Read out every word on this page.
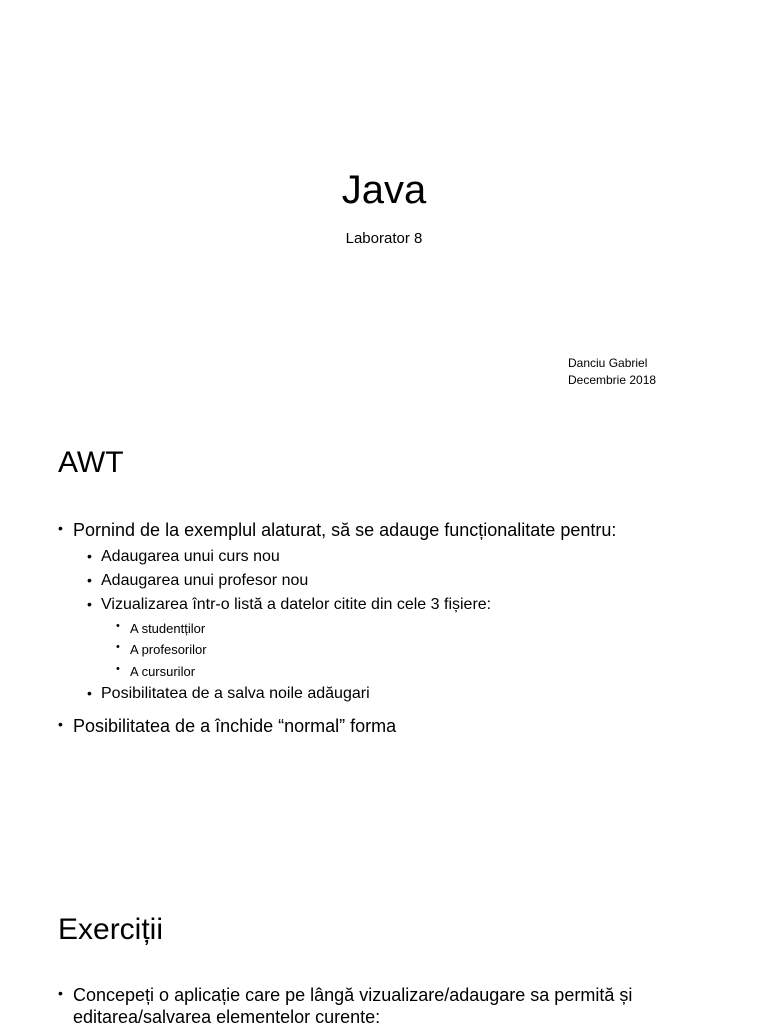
Java
Laborator 8
Danciu Gabriel
Decembrie 2018
AWT
• Pornind de la exemplul alaturat, să se adauge funcționalitate pentru:
• Adaugarea unui curs nou
• Adaugarea unui profesor nou
• Vizualizarea într-o listă a datelor citite din cele 3 fișiere:
• A studentților
• A profesorilor
• A cursurilor
• Posibilitatea de a salva noile adăugari
• Posibilitatea de a închide “normal” forma
Exerciții
• Concepeți o aplicație care pe lângă vizualizare/adaugare sa permită și
editarea/salvarea elementelor curente:
